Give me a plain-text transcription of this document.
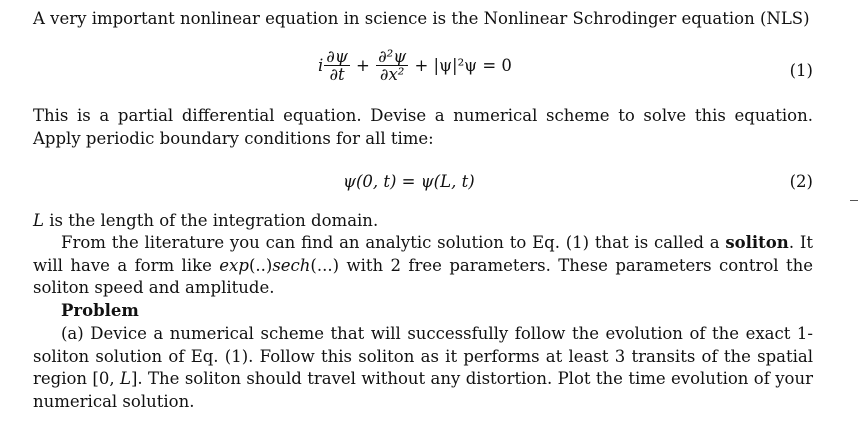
A very important nonlinear equation in science is the Nonlinear Schrodinger equation (NLS)
i $\frac{\partial\psi}{\partial t} + \frac{\text{∂²ψ}}{\text{∂x²}} + |\psi|^2\psi = 0$	(1)
This is a partial differential equation. Devise a numerical scheme to solve this equation. Apply periodic boundary conditions for all time:
ψ(0, t) = ψ(L, t)	(2)
L is the length of the integration domain.
From the literature you can find an analytic solution to Eq. (1) that is called a soliton. It will have a form like exp(..)sech(...) with 2 free parameters. These parameters control the soliton speed and amplitude.
Problem
(a) Device a numerical scheme that will successfully follow the evolution of the exact 1-soliton solution of Eq. (1). Follow this soliton as it performs at least 3 transits of the spatial region [0, L]. The soliton should travel without any distortion. Plot the time evolution of your numerical solution.
